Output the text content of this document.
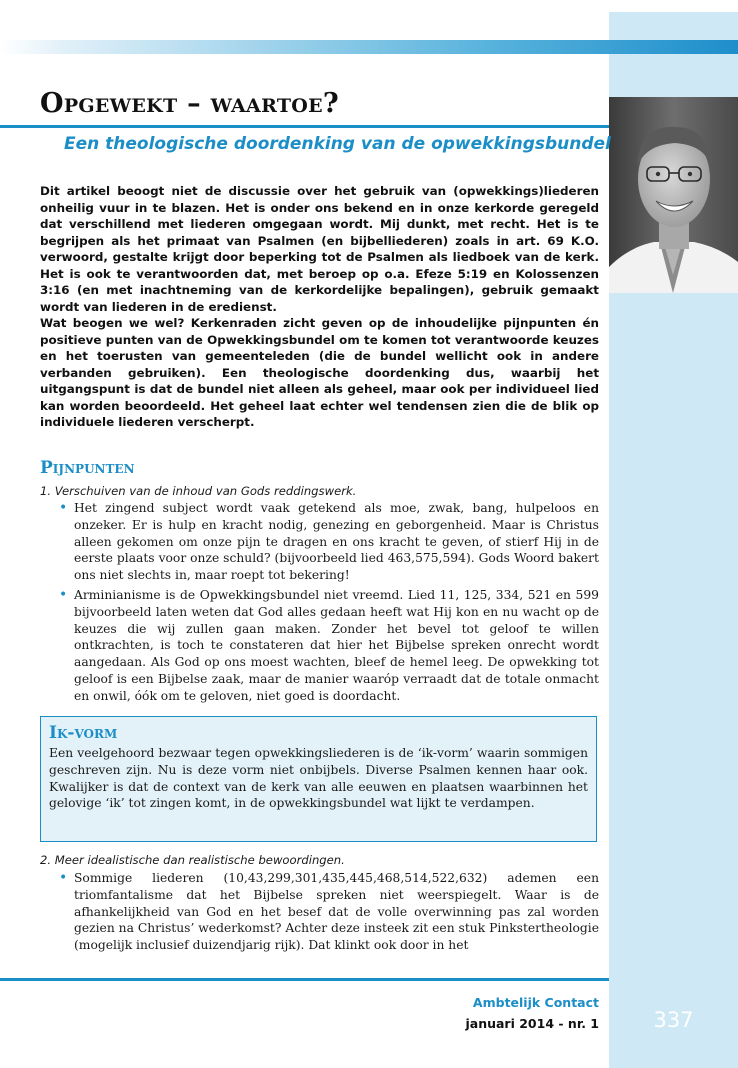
Opgewekt – waartoe?
Een theologische doordenking van de opwekkingsbundel

Dit artikel beoogt niet de discussie over het gebruik van (opwekkings)liederen onheilig vuur in te blazen. Het is onder ons bekend en in onze kerkorde geregeld dat verschillend met liederen omgegaan wordt. Mij dunkt, met recht. Het is te begrijpen als het primaat van Psalmen (en bijbelliederen) zoals in art. 69 K.O. verwoord, gestalte krijgt door beperking tot de Psalmen als liedboek van de kerk. Het is ook te verantwoorden dat, met beroep op o.a. Efeze 5:19 en Kolossenzen 3:16 (en met inachtneming van de kerkordelijke bepalingen), gebruik gemaakt wordt van liederen in de eredienst.

Wat beogen we wel? Kerkenraden zicht geven op de inhoudelijke pijnpunten én positieve punten van de Opwekkingsbundel om te komen tot verantwoorde keuzes en het toerusten van gemeenteleden (die de bundel wellicht ook in andere verbanden gebruiken). Een theologische doordenking dus, waarbij het uitgangspunt is dat de bundel niet alleen als geheel, maar ook per individueel lied kan worden beoordeeld. Het geheel laat echter wel tendensen zien die de blik op individuele liederen verscherpt.

Pijnpunten
1. Verschuiven van de inhoud van Gods reddingswerk.
• Het zingend subject wordt vaak getekend als moe, zwak, bang, hulpeloos en onzeker. Er is hulp en kracht nodig, genezing en geborgenheid. Maar is Christus alleen gekomen om onze pijn te dragen en ons kracht te geven, of stierf Hij in de eerste plaats voor onze schuld? (bijvoorbeeld lied 463,575,594). Gods Woord bakert ons niet slechts in, maar roept tot bekering!
• Arminianisme is de Opwekkingsbundel niet vreemd. Lied 11, 125, 334, 521 en 599 bijvoorbeeld laten weten dat God alles gedaan heeft wat Hij kon en nu wacht op de keuzes die wij zullen gaan maken. Zonder het bevel tot geloof te willen ontkrachten, is toch te constateren dat hier het Bijbelse spreken onrecht wordt aangedaan. Als God op ons moest wachten, bleef de hemel leeg. De opwekking tot geloof is een Bijbelse zaak, maar de manier waaróp verraadt dat de totale onmacht en onwil, óók om te geloven, niet goed is doordacht.
Ik-vorm

Een veelgehoord bezwaar tegen opwekkingsliederen is de ‘ik-vorm’ waarin sommigen geschreven zijn. Nu is deze vorm niet onbijbels. Diverse Psalmen kennen haar ook. Kwalijker is dat de context van de kerk van alle eeuwen en plaatsen waarbinnen het gelovige ‘ik’ tot zingen komt, in de opwekkingsbundel wat lijkt te verdampen.

2. Meer idealistische dan realistische bewoordingen.
• Sommige liederen (10,43,299,301,435,445,468,514,522,632) ademen een triomfantalisme dat het Bijbelse spreken niet weerspiegelt. Waar is de afhankelijkheid van God en het besef dat de volle overwinning pas zal worden gezien na Christus’ wederkomst? Achter deze insteek zit een stuk Pinkstertheologie (mogelijk inclusief duizendjarig rijk). Dat klinkt ook door in het
Ambtelijk Contact
januari 2014 - nr. 1	337
